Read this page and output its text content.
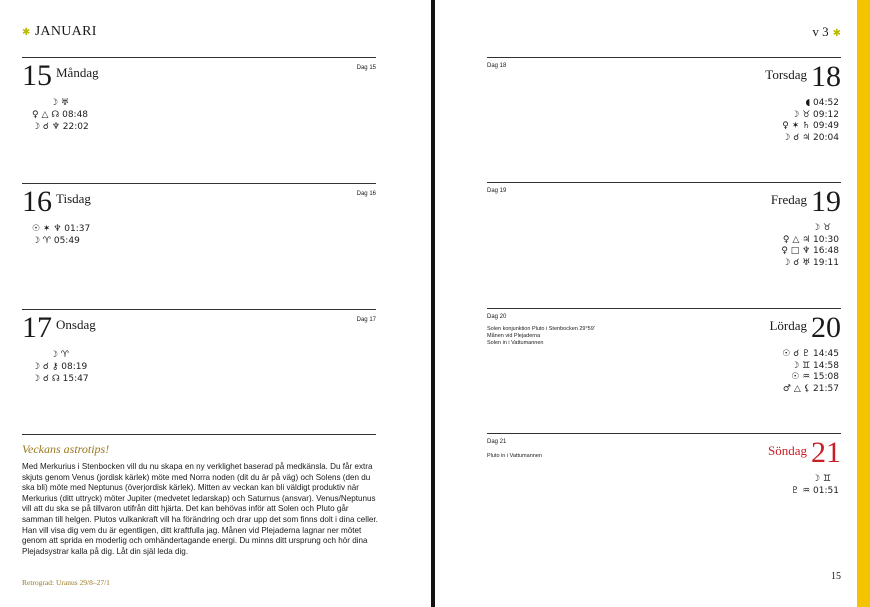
✱ JANUARI
15 Måndag	Dag 15
☽ ♅
♀ △ ☊ 08:48
☽ ☌ ♆ 22:02
16 Tisdag	Dag 16
☉ ✶ ♆ 01:37
☽ ♈ 05:49
17 Onsdag	Dag 17
☽ ♈
☽ ☌ ⚷ 08:19
☽ ☌ ☊ 15:47
Veckans astrotips!
Med Merkurius i Stenbocken vill du nu skapa en ny verklighet baserad på medkänsla. Du får extra skjuts genom Venus (jordisk kärlek) möte med Norra noden (dit du är på väg) och Solens (den du ska bli) möte med Neptunus (överjordisk kärlek). Mitten av veckan kan bli väldigt produktiv när Merkurius (ditt uttryck) möter Jupiter (medvetet ledarskap) och Saturnus (ansvar). Venus/Neptunus vill att du ska se på tillvaron utifrån ditt hjärta. Det kan behövas inför att Solen och Pluto går samman till helgen. Plutos vulkankraft vill ha förändring och drar upp det som finns dolt i dina celler. Han vill visa dig vem du är egentligen, ditt kraftfulla jag. Månen vid Plejaderna lagnar ner mötet genom att sprida en moderlig och omhändertagande energi. Du minns ditt ursprung och hör dina Plejadsystrar kalla på dig. Låt din själ leda dig.
Retrograd: Uranus 29/8–27/1
v 3 ✱
Dag 18
Torsdag 18
◖ 04:52
☽ ♉ 09:12
♀ ✶ ♄ 09:49
☽ ☌ ♃ 20:04
Dag 19
Fredag 19
☽ ♉
♀ △ ♃ 10:30
♀ □ ♆ 16:48
☽ ☌ ♅ 19:11
Dag 20
Solen konjunktion Pluto i Stenbocken 29°59′
Månen vid Plejaderna
Solen in i Vattumannen
Lördag 20
☉ ☌ ♇ 14:45
☽ ♊ 14:58
☉ ♒ 15:08
♂ △ ⚸ 21:57
Dag 21
Pluto in i Vattumannen	Söndag 21
☽ ♊
♇ ♒ 01:51
15
